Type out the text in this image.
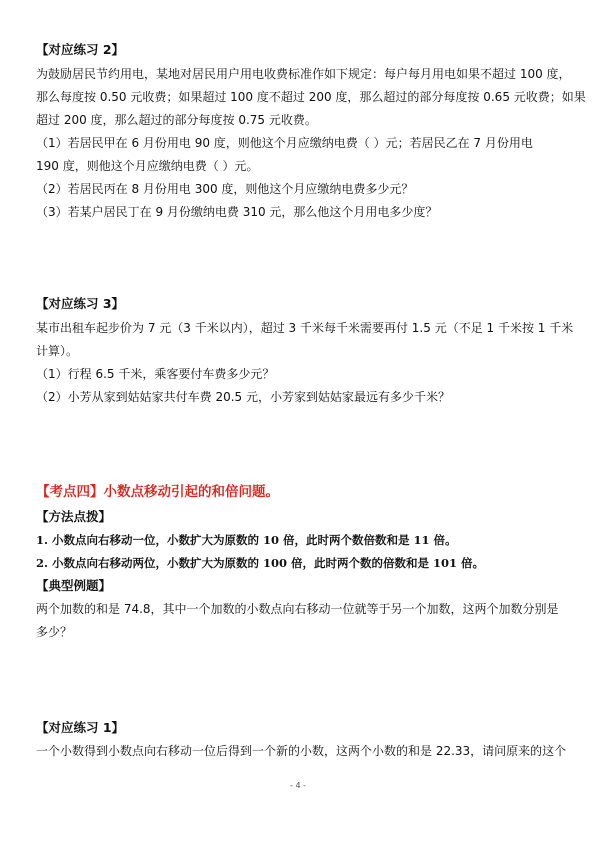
【对应练习 2】
为鼓励居民节约用电，某地对居民用户用电收费标准作如下规定：每户每月用电如果不超过 100 度，
那么每度按 0.50 元收费；如果超过 100 度不超过 200 度，那么超过的部分每度按 0.65 元收费；如果
超过 200 度，那么超过的部分每度按 0.75 元收费。
（1）若居民甲在 6 月份用电 90 度，则他这个月应缴纳电费（ ）元；若居民乙在 7 月份用电
190 度，则他这个月应缴纳电费（ ）元。
（2）若居民丙在 8 月份用电 300 度，则他这个月应缴纳电费多少元？
（3）若某户居民丁在 9 月份缴纳电费 310 元，那么他这个月用电多少度？
【对应练习 3】
某市出租车起步价为 7 元（3 千米以内），超过 3 千米每千米需要再付 1.5 元（不足 1 千米按 1 千米
计算）。
（1）行程 6.5 千米，乘客要付车费多少元？
（2）小芳从家到姑姑家共付车费 20.5 元，小芳家到姑姑家最远有多少千米？
【考点四】小数点移动引起的和倍问题。
【方法点拨】
1. 小数点向右移动一位，小数扩大为原数的 10 倍，此时两个数倍数和是 11 倍。
2. 小数点向右移动两位，小数扩大为原数的 100 倍，此时两个数的倍数和是 101 倍。
【典型例题】
两个加数的和是 74.8，其中一个加数的小数点向右移动一位就等于另一个加数，这两个加数分别是
多少？
【对应练习 1】
一个小数得到小数点向右移动一位后得到一个新的小数，这两个小数的和是 22.33，请问原来的这个
- 4 -
